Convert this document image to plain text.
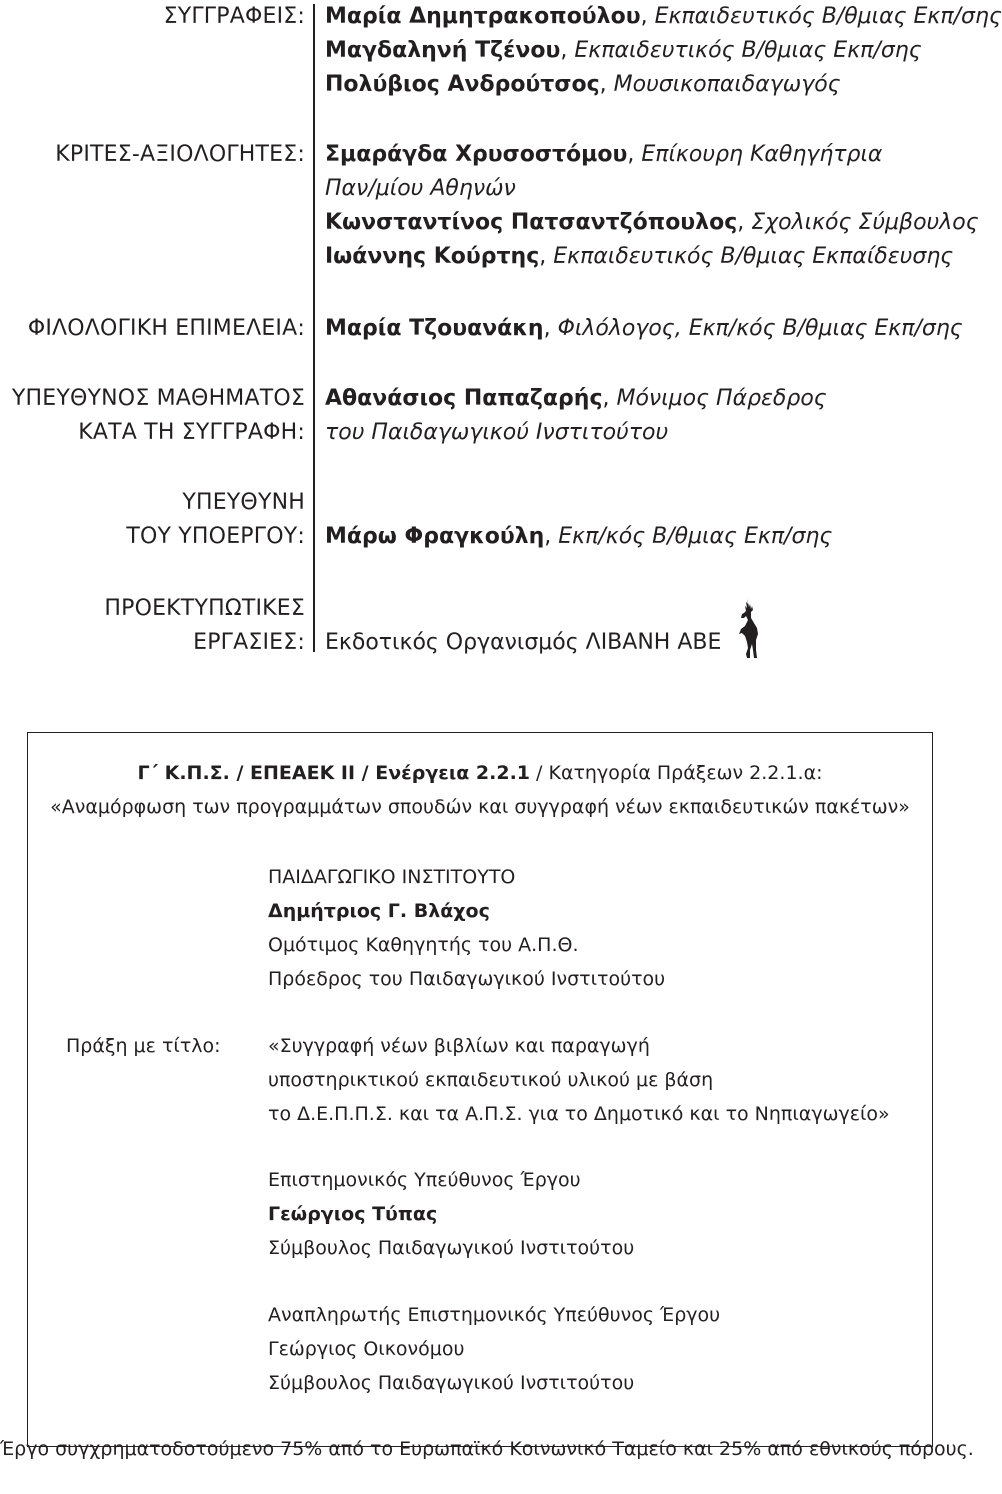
ΣΥΓΓΡΑΦΕΙΣ: Μαρία Δημητρακοπούλου, Εκπαιδευτικός Β/θμιας Εκπ/σης
Μαγδαληνή Τζένου, Εκπαιδευτικός Β/θμιας Εκπ/σης
Πολύβιος Ανδρούτσος, Μουσικοπαιδαγωγός
ΚΡΙΤΕΣ-ΑΞΙΟΛΟΓΗΤΕΣ: Σμαράγδα Χρυσοστόμου, Επίκουρη Καθηγήτρια
Παν/μίου Αθηνών
Κωνσταντίνος Πατσαντζόπουλος, Σχολικός Σύμβουλος
Ιωάννης Κούρτης, Εκπαιδευτικός Β/θμιας Εκπαίδευσης
ΦΙΛΟΛΟΓΙΚΗ ΕΠΙΜΕΛΕΙΑ: Μαρία Τζουανάκη, Φιλόλογος, Εκπ/κός Β/θμιας Εκπ/σης
ΥΠΕΥΘΥΝΟΣ ΜΑΘΗΜΑΤΟΣ
ΚΑΤΑ ΤΗ ΣΥΓΓΡΑΦΗ:
Αθανάσιος Παπαζαρής, Μόνιμος Πάρεδρος
του Παιδαγωγικού Ινστιτούτου
ΥΠΕΥΘΥΝΗ
ΤΟΥ ΥΠΟΕΡΓΟΥ: Μάρω Φραγκούλη, Εκπ/κός Β/θμιας Εκπ/σης
ΠΡΟΕΚΤΥΠΩΤΙΚΕΣ
ΕΡΓΑΣΙΕΣ: Εκδοτικός Οργανισμός ΛΙΒΑΝΗ ΑΒΕ
Γ΄ Κ.Π.Σ. / ΕΠΕΑΕΚ ΙΙ / Ενέργεια 2.2.1 / Κατηγορία Πράξεων 2.2.1.α:
«Αναμόρφωση των προγραμμάτων σπουδών και συγγραφή νέων εκπαιδευτικών πακέτων»
ΠΑΙΔΑΓΩΓΙΚΟ ΙΝΣΤΙΤΟΥΤΟ
Δημήτριος Γ. Βλάχος
Ομότιμος Καθηγητής του Α.Π.Θ.
Πρόεδρος του Παιδαγωγικού Ινστιτούτου
Πράξη με τίτλο: «Συγγραφή νέων βιβλίων και παραγωγή
υποστηρικτικού εκπαιδευτικού υλικού με βάση
το Δ.Ε.Π.Π.Σ. και τα Α.Π.Σ. για το Δημοτικό και το Νηπιαγωγείο»
Επιστημονικός Υπεύθυνος Έργου
Γεώργιος Τύπας
Σύμβουλος Παιδαγωγικού Ινστιτούτου
Αναπληρωτής Επιστημονικός Υπεύθυνος Έργου
Γεώργιος Οικονόμου
Σύμβουλος Παιδαγωγικού Ινστιτούτου
Έργο συγχρηματοδοτούμενο 75% από το Ευρωπαϊκό Κοινωνικό Ταμείο και 25% από εθνικούς πόρους.
